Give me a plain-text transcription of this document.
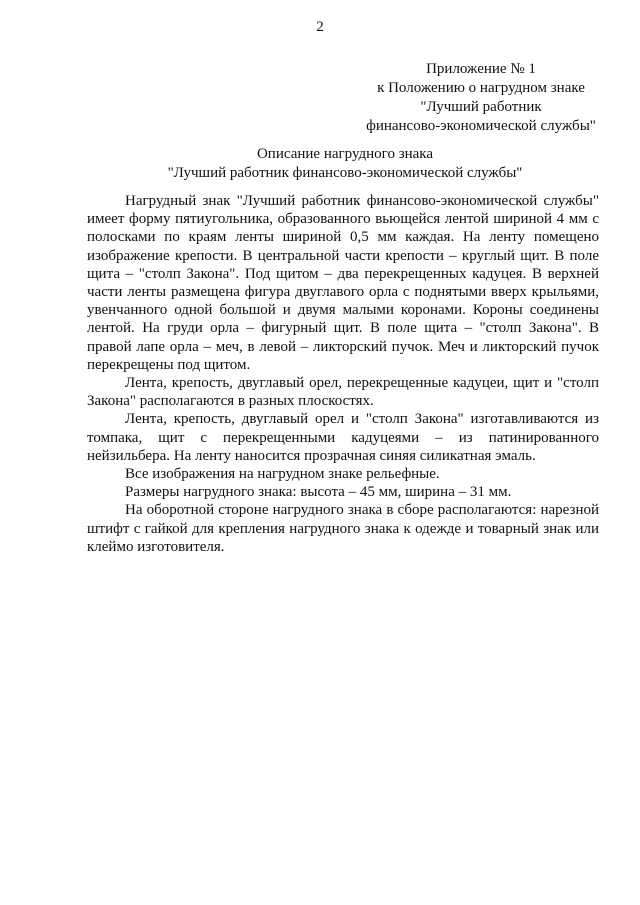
2
Приложение № 1
к Положению о нагрудном знаке
"Лучший работник
финансово-экономической службы"
Описание нагрудного знака
"Лучший работник финансово-экономической службы"

Нагрудный знак "Лучший работник финансово-экономической службы" имеет форму пятиугольника, образованного вьющейся лентой шириной 4 мм с полосками по краям ленты шириной 0,5 мм каждая. На ленту помещено изображение крепости. В центральной части крепости – круглый щит. В поле щита – "столп Закона". Под щитом – два перекрещенных кадуцея. В верхней части ленты размещена фигура двуглавого орла с поднятыми вверх крыльями, увенчанного одной большой и двумя малыми коронами. Короны соединены лентой. На груди орла – фигурный щит. В поле щита – "столп Закона". В правой лапе орла – меч, в левой – ликторский пучок. Меч и ликторский пучок перекрещены под щитом.

Лента, крепость, двуглавый орел, перекрещенные кадуцеи, щит и "столп Закона" располагаются в разных плоскостях.

Лента, крепость, двуглавый орел и "столп Закона" изготавливаются из томпака, щит с перекрещенными кадуцеями – из патинированного нейзильбера. На ленту наносится прозрачная синяя силикатная эмаль.

Все изображения на нагрудном знаке рельефные.

Размеры нагрудного знака: высота – 45 мм, ширина – 31 мм.

На оборотной стороне нагрудного знака в сборе располагаются: нарезной штифт с гайкой для крепления нагрудного знака к одежде и товарный знак или клеймо изготовителя.
